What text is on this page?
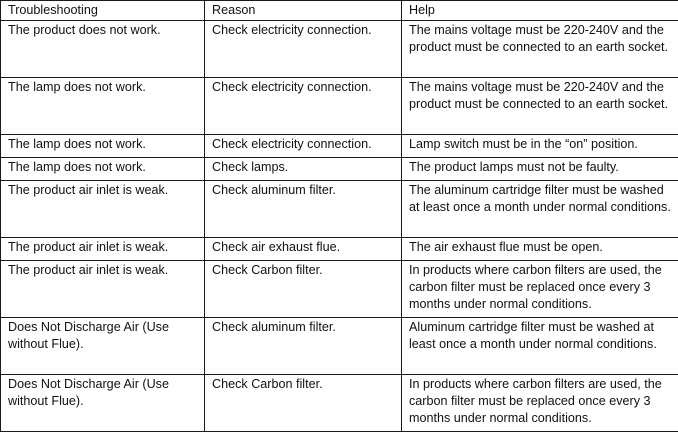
Troubleshooting	Reason	Help
The product does not work.	Check electricity connection.	The mains voltage must be 220-240V and the product must be connected to an earth socket.
The lamp does not work.	Check electricity connection.	The mains voltage must be 220-240V and the product must be connected to an earth socket.
The lamp does not work.	Check electricity connection.	Lamp switch must be in the “on” position.
The lamp does not work.	Check lamps.	The product lamps must not be faulty.
The product air inlet is weak.	Check aluminum filter.	The aluminum cartridge filter must be washed at least once a month under normal conditions.
The product air inlet is weak.	Check air exhaust flue.	The air exhaust flue must be open.
The product air inlet is weak.	Check Carbon filter.	In products where carbon filters are used, the carbon filter must be replaced once every 3 months under normal conditions.
Does Not Discharge Air (Use without Flue).	Check aluminum filter.	Aluminum cartridge filter must be washed at least once a month under normal conditions.
Does Not Discharge Air (Use without Flue).	Check Carbon filter.	In products where carbon filters are used, the carbon filter must be replaced once every 3 months under normal conditions.
